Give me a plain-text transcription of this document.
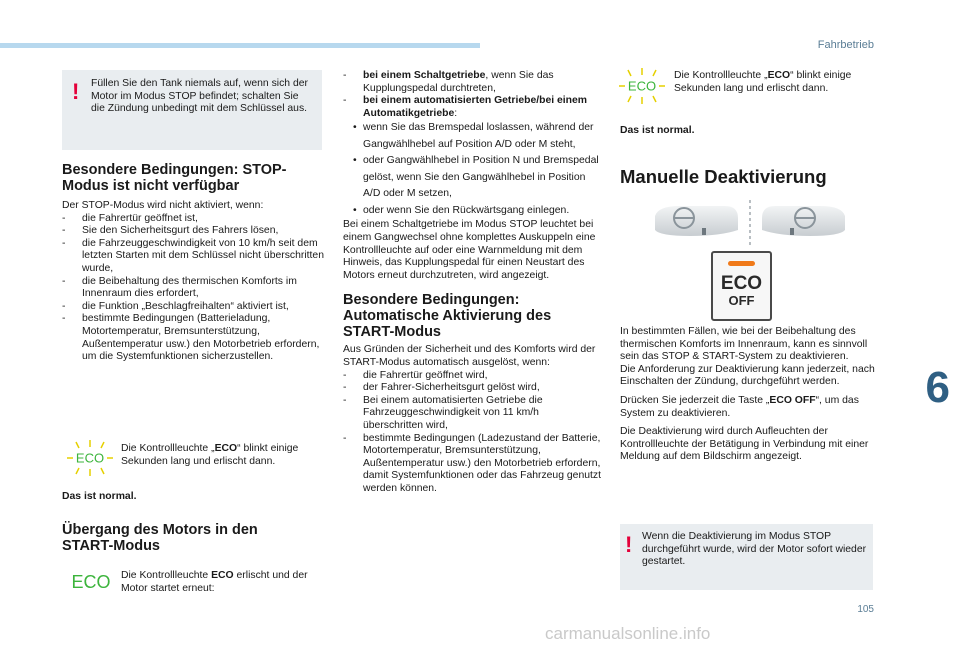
Fahrbetrieb
! Füllen Sie den Tank niemals auf, wenn sich der Motor im Modus STOP befindet; schalten Sie die Zündung unbedingt mit dem Schlüssel aus.
Besondere Bedingungen: STOP-
Modus ist nicht verfügbar

Der STOP-Modus wird nicht aktiviert, wenn:

- die Fahrertür geöffnet ist,
- Sie den Sicherheitsgurt des Fahrers lösen,
- die Fahrzeuggeschwindigkeit von 10 km/h seit dem letzten Starten mit dem Schlüssel nicht überschritten wurde,
- die Beibehaltung des thermischen Komforts im Innenraum dies erfordert,
- die Funktion „Beschlagfreihalten“ aktiviert ist,
- bestimmte Bedingungen (Batterieladung, Motortemperatur, Bremsunterstützung, Außentemperatur usw.) den Motorbetrieb erfordern, um die Systemfunktionen sicherzustellen.
ECO
Die Kontrollleuchte „ECO“ blinkt einige Sekunden lang und erlischt dann.
Das ist normal.
Übergang des Motors in den
START-Modus
ECO Die Kontrollleuchte ECO erlischt und der Motor startet erneut:
- bei einem Schaltgetriebe, wenn Sie das Kupplungspedal durchtreten,
- bei einem automatisierten Getriebe/bei einem Automatikgetriebe:
• wenn Sie das Bremspedal loslassen, während der Gangwählhebel auf Position A/D oder M steht,
• oder Gangwählhebel in Position N und Bremspedal gelöst, wenn Sie den Gangwählhebel in Position A/D oder M setzen,
• oder wenn Sie den Rückwärtsgang einlegen.

Bei einem Schaltgetriebe im Modus STOP leuchtet bei einem Gangwechsel ohne komplettes Auskuppeln eine Kontrollleuchte auf oder eine Warnmeldung mit dem Hinweis, das Kupplungspedal für einen Neustart des Motors erneut durchzutreten, wird angezeigt.

Besondere Bedingungen:
Automatische Aktivierung des
START-Modus

Aus Gründen der Sicherheit und des Komforts wird der START-Modus automatisch ausgelöst, wenn:

- die Fahrertür geöffnet wird,
- der Fahrer-Sicherheitsgurt gelöst wird,
- Bei einem automatisierten Getriebe die Fahrzeuggeschwindigkeit von 11 km/h überschritten wird,
- bestimmte Bedingungen (Ladezustand der Batterie, Motortemperatur, Bremsunterstützung, Außentemperatur usw.) den Motorbetrieb erfordern, damit Systemfunktionen oder das Fahrzeug genutzt werden können.
ECO
Die Kontrollleuchte „ECO“ blinkt einige Sekunden lang und erlischt dann.
Das ist normal.
Manuelle Deaktivierung
ECO
OFF

In bestimmten Fällen, wie bei der Beibehaltung des thermischen Komforts im Innenraum, kann es sinnvoll sein das STOP & START-System zu deaktivieren.

Die Anforderung zur Deaktivierung kann jederzeit, nach Einschalten der Zündung, durchgeführt werden.

Drücken Sie jederzeit die Taste „ECO OFF“, um das System zu deaktivieren.

Die Deaktivierung wird durch Aufleuchten der Kontrollleuchte der Betätigung in Verbindung mit einer Meldung auf dem Bildschirm angezeigt.

! Wenn die Deaktivierung im Modus STOP durchgeführt wurde, wird der Motor sofort wieder gestartet.
6
105
carmanualsonline.info
